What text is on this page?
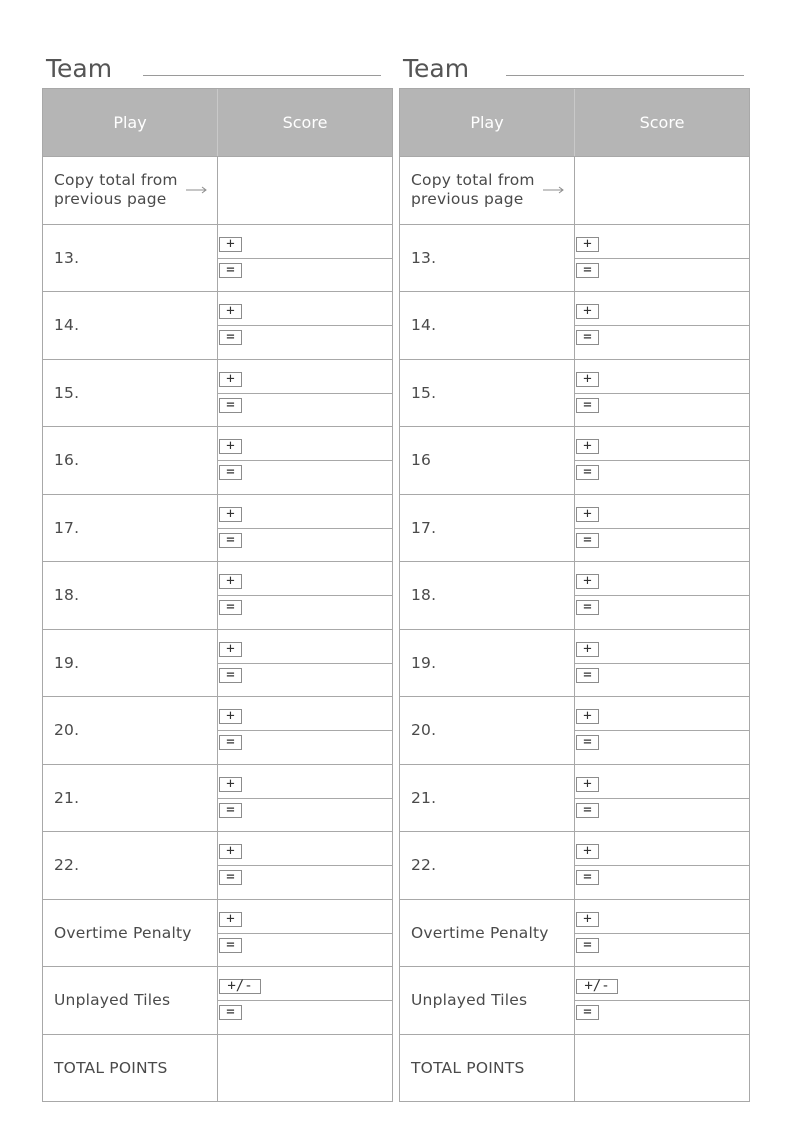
Team
Play	Score
Copy total from
previous page
13.
+
=
14.
+
=
15.
+
=
16.
+
=
17.
+
=
18.
+
=
19.
+
=
20.
+
=
21.
+
=
22.
+
=
Overtime Penalty
+
=
Unplayed Tiles
+/-
=
TOTAL POINTS
Team
Play	Score
Copy total from
previous page
13.
+
=
14.
+
=
15.
+
=
16
+
=
17.
+
=
18.
+
=
19.
+
=
20.
+
=
21.
+
=
22.
+
=
Overtime Penalty
+
=
Unplayed Tiles
+/-
=
TOTAL POINTS
